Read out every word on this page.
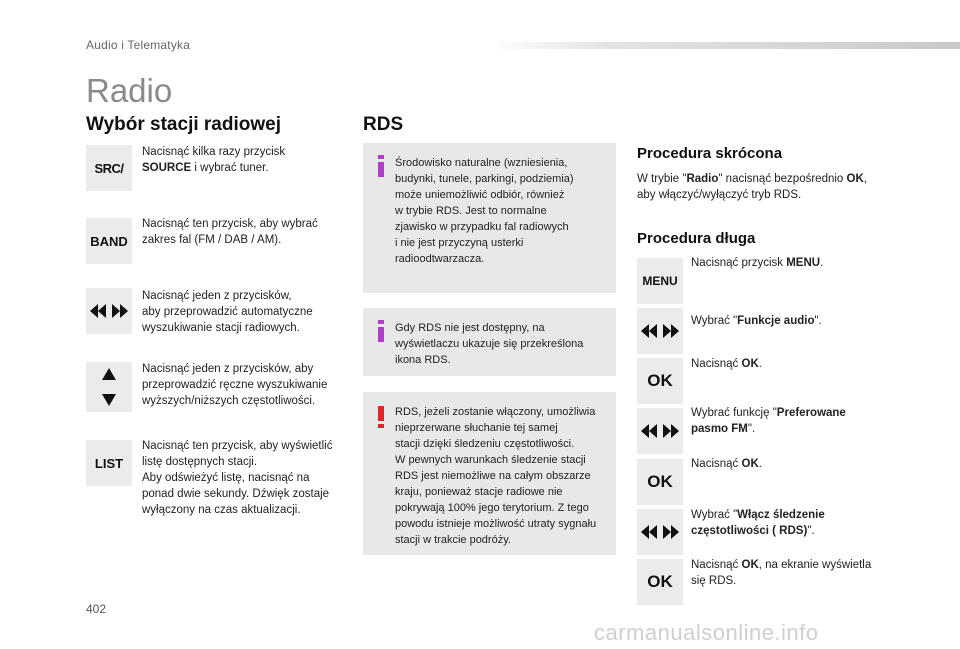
Audio i Telematyka
Radio
Wybór stacji radiowej
SRC/
Nacisnąć kilka razy przycisk
SOURCE i wybrać tuner.
BAND
Nacisnąć ten przycisk, aby wybrać
zakres fal (FM / DAB / AM).
Nacisnąć jeden z przycisków,
aby przeprowadzić automatyczne
wyszukiwanie stacji radiowych.
Nacisnąć jeden z przycisków, aby
przeprowadzić ręczne wyszukiwanie
wyższych/niższych częstotliwości.
LIST
Nacisnąć ten przycisk, aby wyświetlić
listę dostępnych stacji.
Aby odświeżyć listę, nacisnąć na
ponad dwie sekundy. Dźwięk zostaje
wyłączony na czas aktualizacji.
RDS
Środowisko naturalne (wzniesienia,
budynki, tunele, parkingi, podziemia)
może uniemożliwić odbiór, również
w trybie RDS. Jest to normalne
zjawisko w przypadku fal radiowych
i nie jest przyczyną usterki
radioodtwarzacza.
Gdy RDS nie jest dostępny, na
wyświetlaczu ukazuje się przekreślona
ikona RDS.
RDS, jeżeli zostanie włączony, umożliwia
nieprzerwane słuchanie tej samej
stacji dzięki śledzeniu częstotliwości.
W pewnych warunkach śledzenie stacji
RDS jest niemożliwe na całym obszarze
kraju, ponieważ stacje radiowe nie
pokrywają 100% jego terytorium. Z tego
powodu istnieje możliwość utraty sygnału
stacji w trakcie podróży.
Procedura skrócona
W trybie "Radio" nacisnąć bezpośrednio OK,
aby włączyć/wyłączyć tryb RDS.
Procedura długa
MENU
Nacisnąć przycisk MENU.
Wybrać "Funkcje audio".
OK
Nacisnąć OK.
Wybrać funkcję "Preferowane
pasmo FM".
OK
Nacisnąć OK.
Wybrać "Włącz śledzenie
częstotliwości ( RDS)".
OK
Nacisnąć OK, na ekranie wyświetla
się RDS.
402
carmanualsonline.info
